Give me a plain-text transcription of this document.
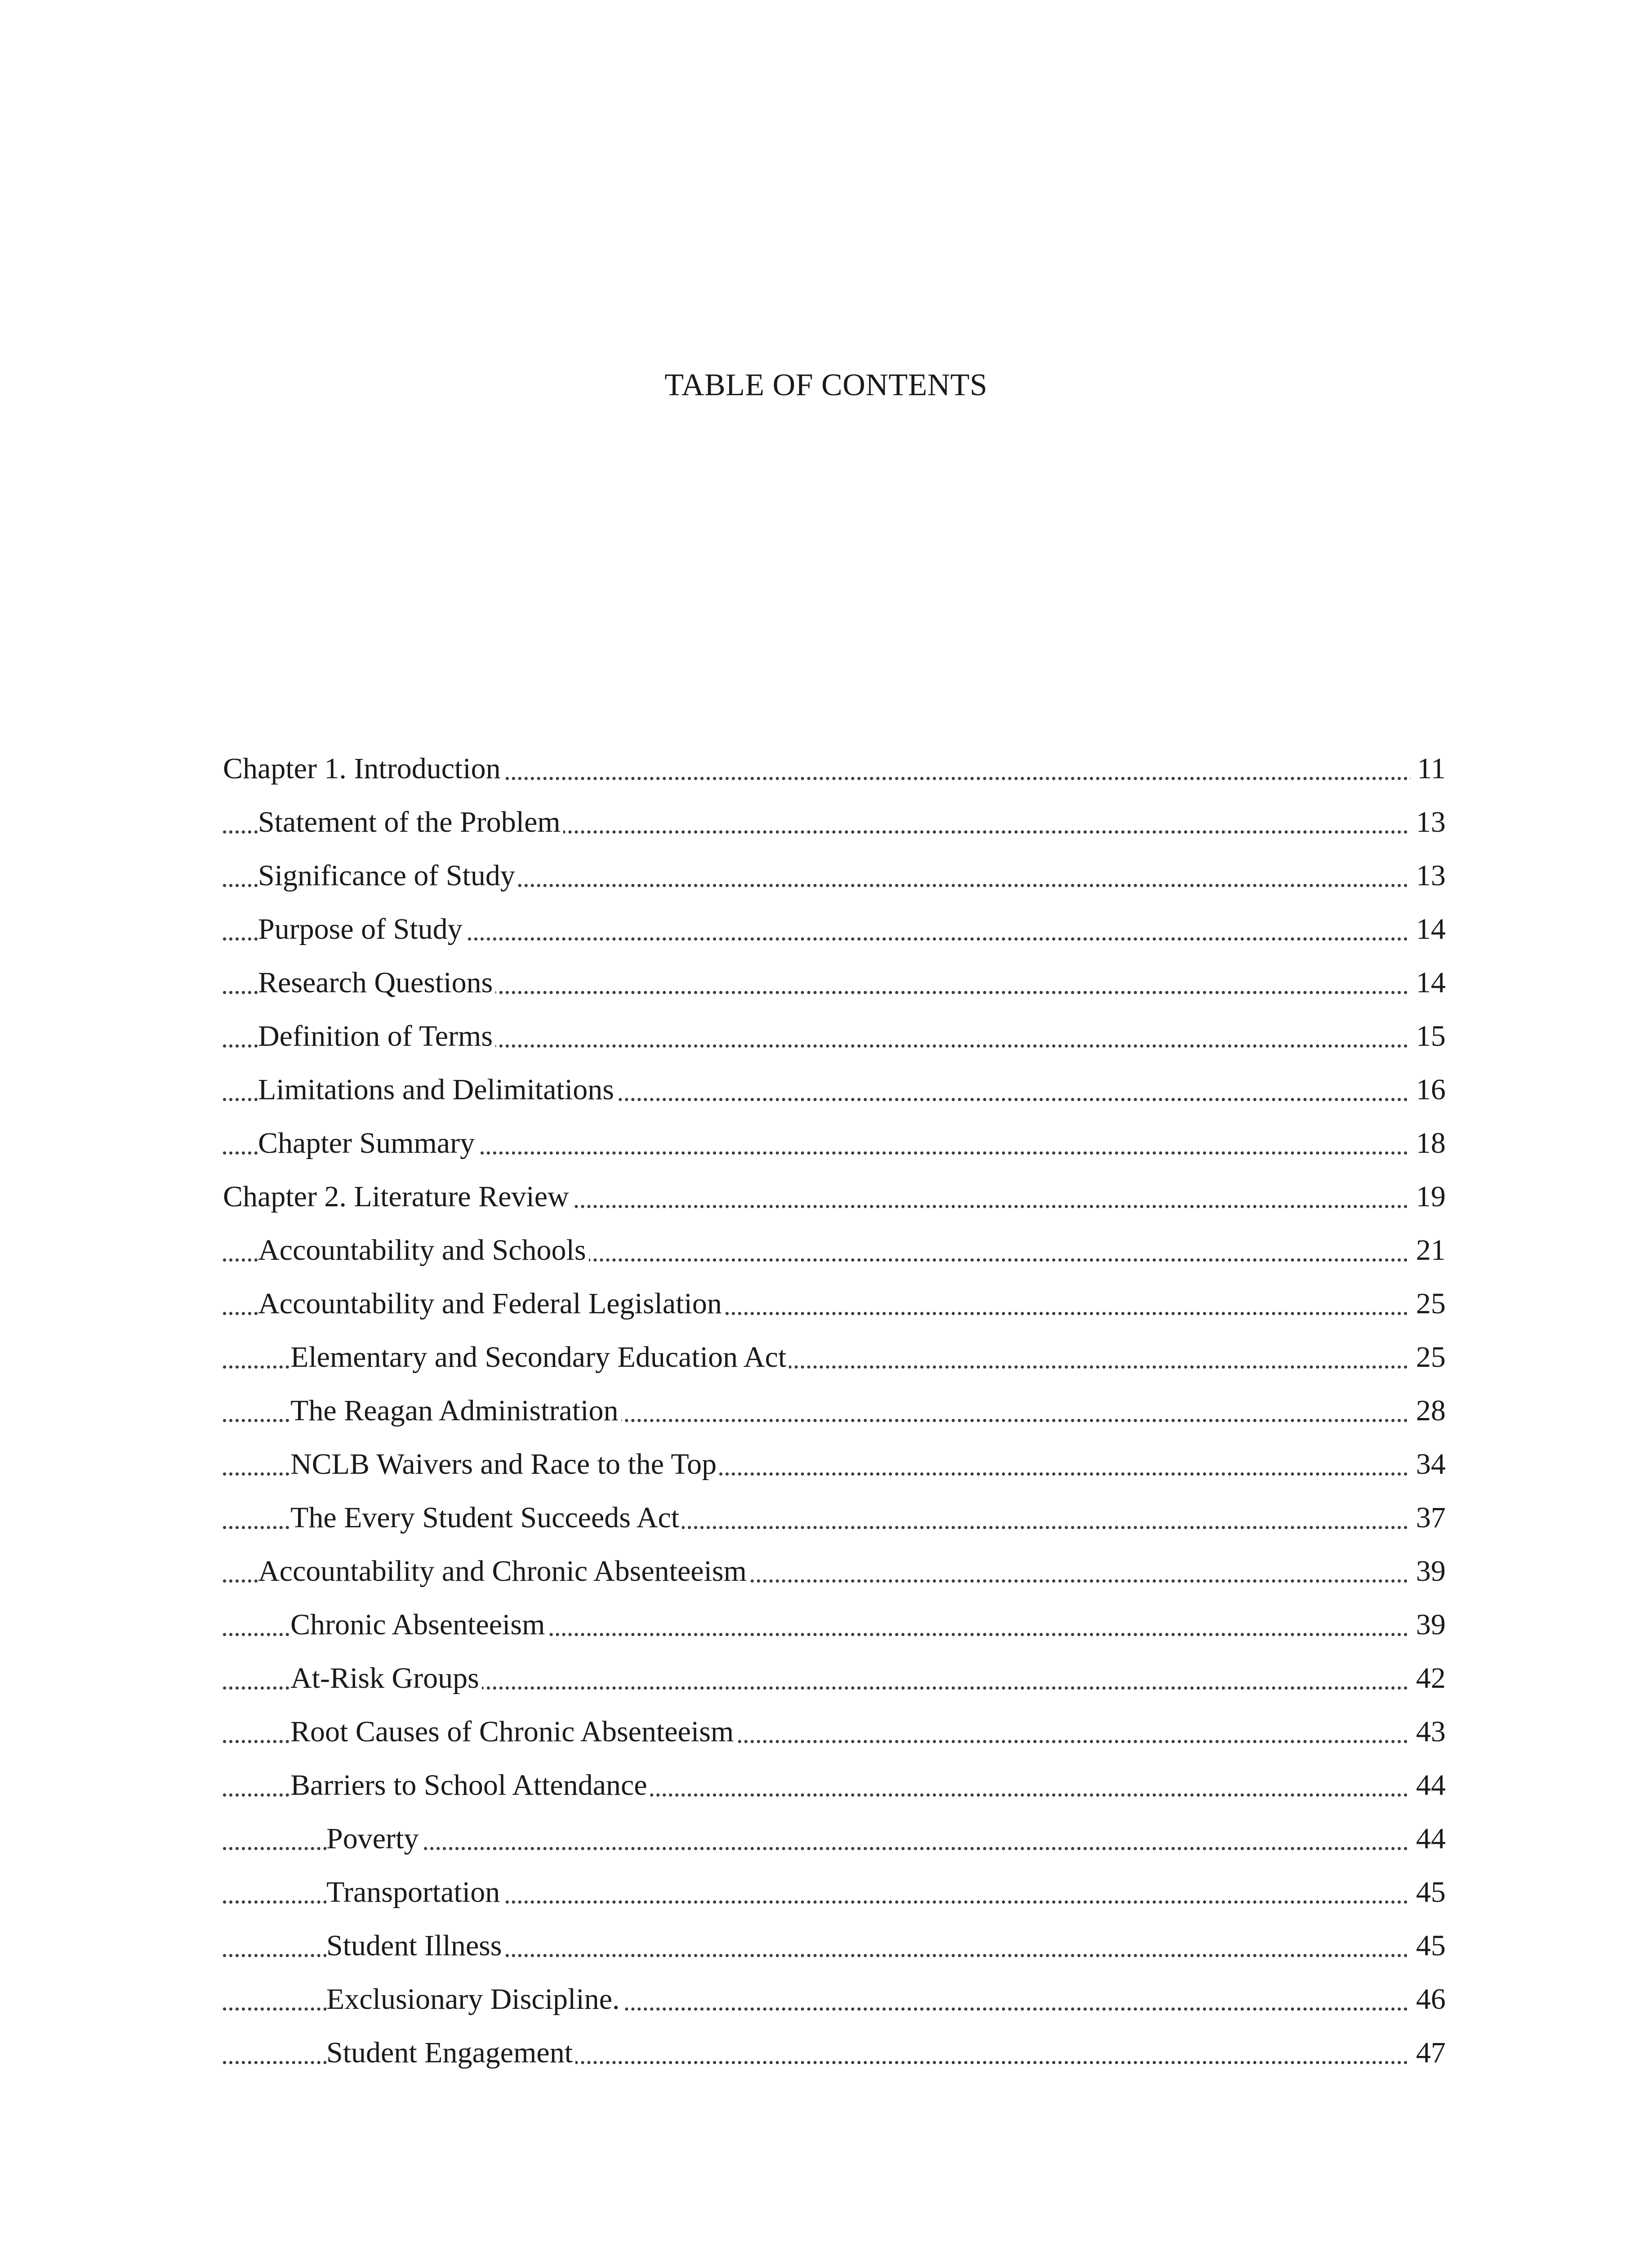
TABLE OF CONTENTS
Chapter 1. Introduction	11
Statement of the Problem	13
Significance of Study	13
Purpose of Study	14
Research Questions	14
Definition of Terms	15
Limitations and Delimitations	16
Chapter Summary	18
Chapter 2. Literature Review	19
Accountability and Schools	21
Accountability and Federal Legislation	25
Elementary and Secondary Education Act	25
The Reagan Administration	28
NCLB Waivers and Race to the Top	34
The Every Student Succeeds Act	37
Accountability and Chronic Absenteeism	39
Chronic Absenteeism	39
At-Risk Groups	42
Root Causes of Chronic Absenteeism	43
Barriers to School Attendance	44
Poverty	44
Transportation	45
Student Illness	45
Exclusionary Discipline.	46
Student Engagement	47
